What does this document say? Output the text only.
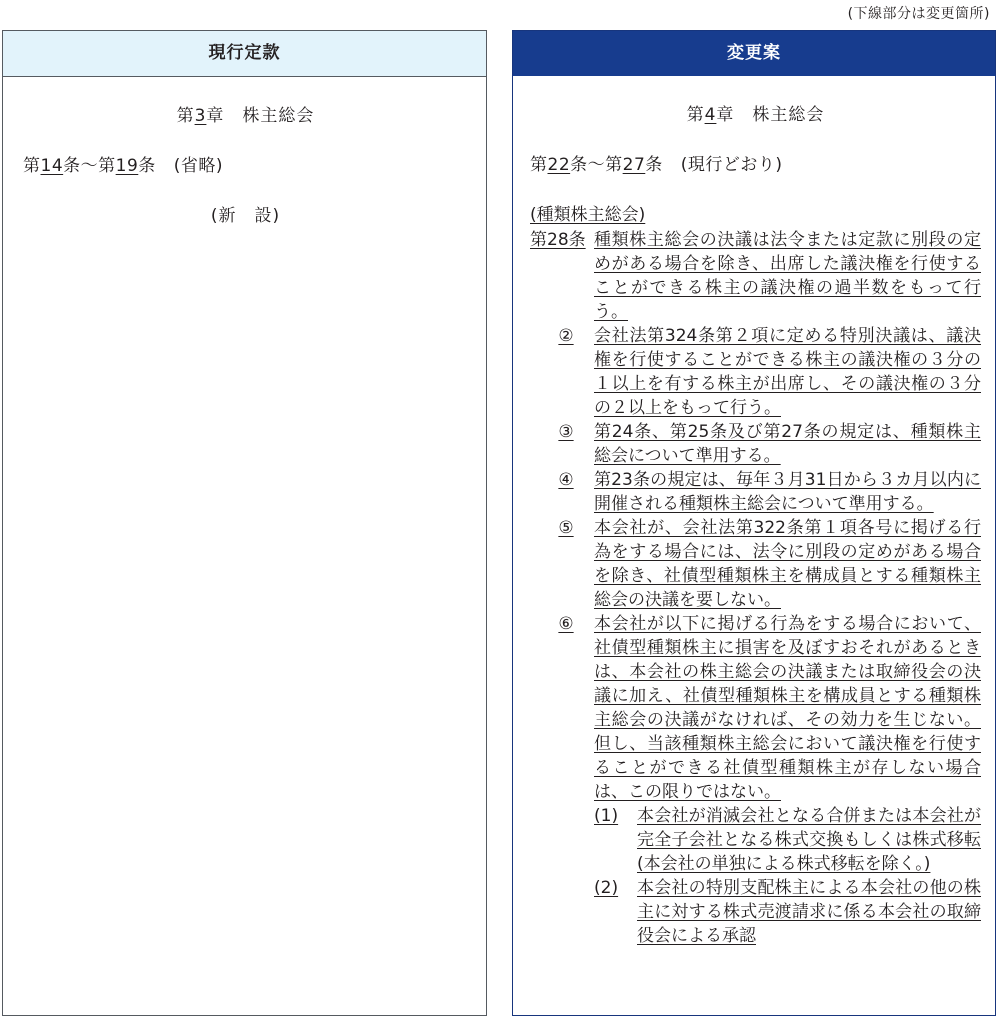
(下線部分は変更箇所)
現行定款
第3章 株主総会
第14条〜第19条 (省略)
(新　設)
変更案
第4章 株主総会
第22条〜第27条 (現行どおり)
(種類株主総会)
第28条 種類株主総会の決議は法令または定款に別段の定めがある場合を除き、出席した議決権を行使することができる株主の議決権の過半数をもって行う。
②	会社法第324条第２項に定める特別決議は、議決権を行使することができる株主の議決権の３分の１以上を有する株主が出席し、その議決権の３分の２以上をもって行う。
③	第24条、第25条及び第27条の規定は、種類株主総会について準用する。
④	第23条の規定は、毎年３月31日から３カ月以内に開催される種類株主総会について準用する。
⑤	本会社が、会社法第322条第１項各号に掲げる行為をする場合には、法令に別段の定めがある場合を除き、社債型種類株主を構成員とする種類株主総会の決議を要しない。
⑥	本会社が以下に掲げる行為をする場合において、社債型種類株主に損害を及ぼすおそれがあるときは、本会社の株主総会の決議または取締役会の決議に加え、社債型種類株主を構成員とする種類株主総会の決議がなければ、その効力を生じない。但し、当該種類株主総会において議決権を行使することができる社債型種類株主が存しない場合は、この限りではない。
(1)	本会社が消滅会社となる合併または本会社が完全子会社となる株式交換もしくは株式移転(本会社の単独による株式移転を除く。)
(2)	本会社の特別支配株主による本会社の他の株主に対する株式売渡請求に係る本会社の取締役会による承認
